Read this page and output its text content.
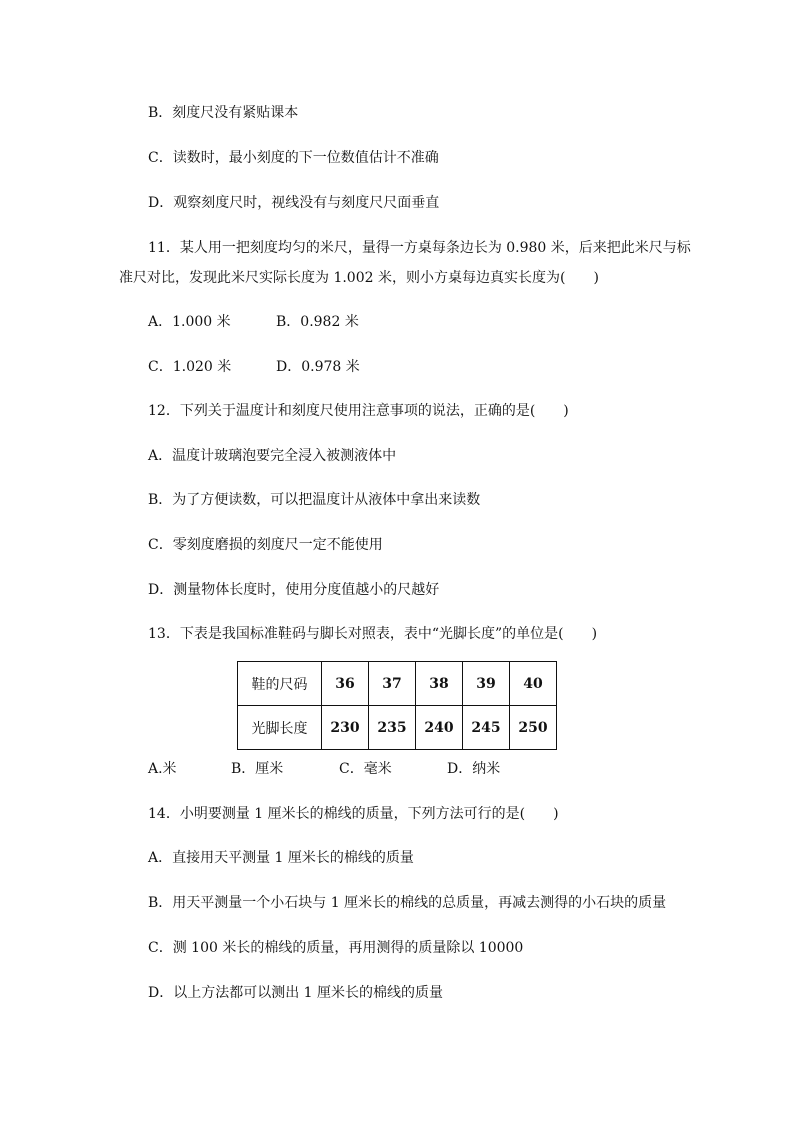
B．刻度尺没有紧贴课本
C．读数时，最小刻度的下一位数值估计不准确
D．观察刻度尺时，视线没有与刻度尺尺面垂直
11．某人用一把刻度均匀的米尺，量得一方桌每条边长为 0.980 米，后来把此米尺与标
准尺对比，发现此米尺实际长度为 1.002 米，则小方桌每边真实长度为(　　)
A．1.000 米	B．0.982 米
C．1.020 米	D．0.978 米
12．下列关于温度计和刻度尺使用注意事项的说法，正确的是(　　)
A．温度计玻璃泡要完全浸入被测液体中
B．为了方便读数，可以把温度计从液体中拿出来读数
C．零刻度磨损的刻度尺一定不能使用
D．测量物体长度时，使用分度值越小的尺越好
13．下表是我国标准鞋码与脚长对照表，表中“光脚长度”的单位是(　　)
鞋的尺码	36	37	38	39	40
光脚长度	230	235	240	245	250
A.米	B．厘米	C．毫米	D．纳米
14．小明要测量 1 厘米长的棉线的质量，下列方法可行的是(　　)
A．直接用天平测量 1 厘米长的棉线的质量
B．用天平测量一个小石块与 1 厘米长的棉线的总质量，再减去测得的小石块的质量
C．测 100 米长的棉线的质量，再用测得的质量除以 10000
D．以上方法都可以测出 1 厘米长的棉线的质量
